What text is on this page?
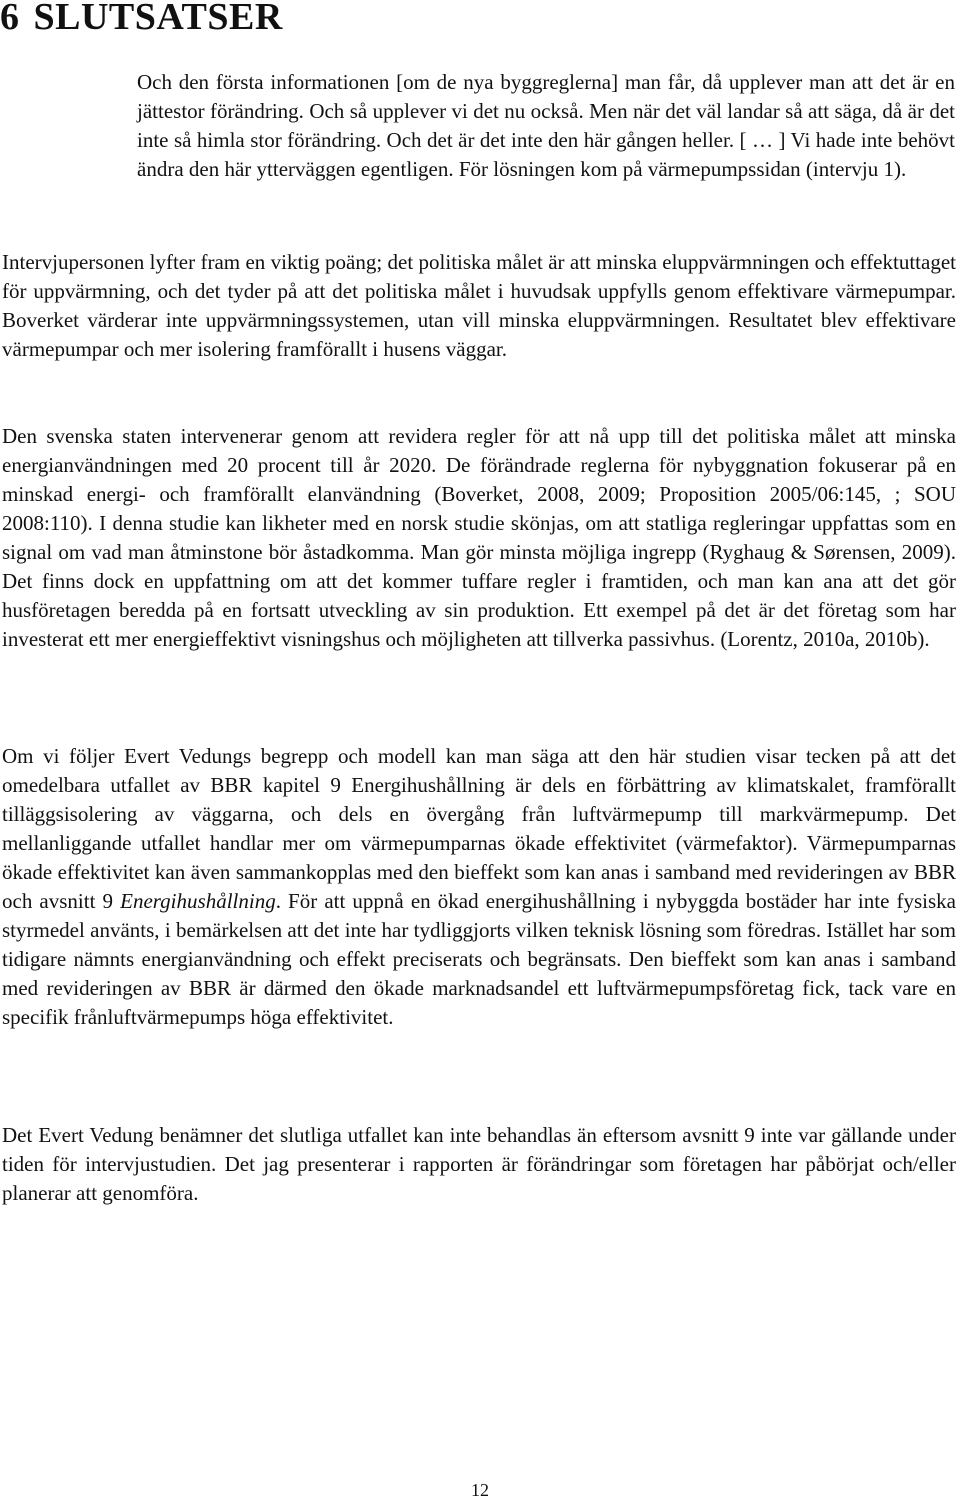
6 SLUTSATSER

Och den första informationen [om de nya byggreglerna] man får, då upplever man att det är en jättestor förändring. Och så upplever vi det nu också. Men när det väl landar så att säga, då är det inte så himla stor förändring. Och det är det inte den här gången heller. [ … ] Vi hade inte behövt ändra den här ytterväggen egentligen. För lösningen kom på värmepumpssidan (intervju 1).

Intervjupersonen lyfter fram en viktig poäng; det politiska målet är att minska eluppvärmningen och effektuttaget för uppvärmning, och det tyder på att det politiska målet i huvudsak uppfylls genom effektivare värmepumpar. Boverket värderar inte uppvärmningssystemen, utan vill minska eluppvärmningen. Resultatet blev effektivare värmepumpar och mer isolering framförallt i husens väggar.

Den svenska staten intervenerar genom att revidera regler för att nå upp till det politiska målet att minska energianvändningen med 20 procent till år 2020. De förändrade reglerna för nybyggnation fokuserar på en minskad energi- och framförallt elanvändning (Boverket, 2008, 2009; Proposition 2005/06:145, ; SOU 2008:110). I denna studie kan likheter med en norsk studie skönjas, om att statliga regleringar uppfattas som en signal om vad man åtminstone bör åstadkomma. Man gör minsta möjliga ingrepp (Ryghaug & Sørensen, 2009). Det finns dock en uppfattning om att det kommer tuffare regler i framtiden, och man kan ana att det gör husföretagen beredda på en fortsatt utveckling av sin produktion. Ett exempel på det är det företag som har investerat ett mer energieffektivt visningshus och möjligheten att tillverka passivhus. (Lorentz, 2010a, 2010b).

Om vi följer Evert Vedungs begrepp och modell kan man säga att den här studien visar tecken på att det omedelbara utfallet av BBR kapitel 9 Energihushållning är dels en förbättring av klimatskalet, framförallt tilläggsisolering av väggarna, och dels en övergång från luftvärmepump till markvärmepump. Det mellanliggande utfallet handlar mer om värmepumparnas ökade effektivitet (värmefaktor). Värmepumparnas ökade effektivitet kan även sammankopplas med den bieffekt som kan anas i samband med revideringen av BBR och avsnitt 9 Energihushållning. För att uppnå en ökad energihushållning i nybyggda bostäder har inte fysiska styrmedel använts, i bemärkelsen att det inte har tydliggjorts vilken teknisk lösning som föredras. Istället har som tidigare nämnts energianvändning och effekt preciserats och begränsats. Den bieffekt som kan anas i samband med revideringen av BBR är därmed den ökade marknadsandel ett luftvärmepumpsföretag fick, tack vare en specifik frånluftvärmepumps höga effektivitet.

Det Evert Vedung benämner det slutliga utfallet kan inte behandlas än eftersom avsnitt 9 inte var gällande under tiden för intervjustudien. Det jag presenterar i rapporten är förändringar som företagen har påbörjat och/eller planerar att genomföra.

12
